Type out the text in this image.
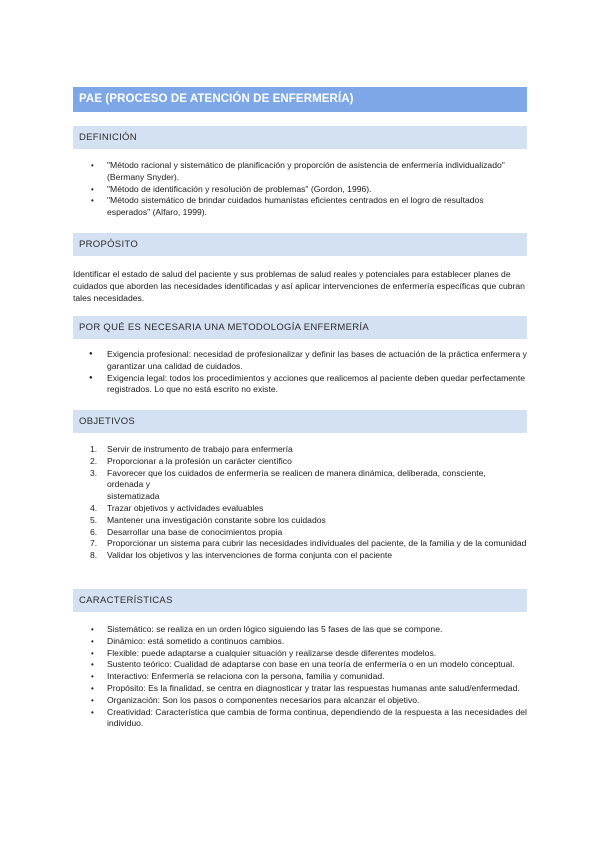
PAE (PROCESO DE ATENCIÓN DE ENFERMERÍA)
DEFINICIÓN
• "Método racional y sistemático de planificación y proporción de asistencia de enfermería individualizado" (Bermany Snyder).
• "Método de identificación y resolución de problemas" (Gordon, 1996).
• "Método sistemático de brindar cuidados humanistas eficientes centrados en el logro de resultados esperados" (Alfaro, 1999).
PROPÓSITO

Identificar el estado de salud del paciente y sus problemas de salud reales y potenciales para establecer planes de cuidados que aborden las necesidades identificadas y así aplicar intervenciones de enfermería específicas que cubran tales necesidades.

POR QUÉ ES NECESARIA UNA METODOLOGÍA ENFERMERÍA
● Exigencia profesional: necesidad de profesionalizar y definir las bases de actuación de la práctica enfermera y garantizar una calidad de cuidados.
● Exigencia legal: todos los procedimientos y acciones que realicemos al paciente deben quedar perfectamente registrados. Lo que no está escrito no existe.
OBJETIVOS
1. Servir de instrumento de trabajo para enfermería
2. Proporcionar a la profesión un carácter científico
3. Favorecer que los cuidados de enfermería se realicen de manera dinámica, deliberada, consciente, ordenada y
sistematizada
4. Trazar objetivos y actividades evaluables
5. Mantener una investigación constante sobre los cuidados
6. Desarrollar una base de conocimientos propia
7. Proporcionar un sistema para cubrir las necesidades individuales del paciente, de la familia y de la comunidad
8. Validar los objetivos y las intervenciones de forma conjunta con el paciente
CARACTERÍSTICAS
• Sistemático: se realiza en un orden lógico siguiendo las 5 fases de las que se compone.
• Dinámico: está sometido a continuos cambios.
• Flexible: puede adaptarse a cualquier situación y realizarse desde diferentes modelos.
• Sustento teórico: Cualidad de adaptarse con base en una teoría de enfermería o en un modelo conceptual.
• Interactivo: Enfermería se relaciona con la persona, familia y comunidad.
• Propósito: Es la finalidad, se centra en diagnosticar y tratar las respuestas humanas ante salud/enfermedad.
• Organización: Son los pasos o componentes necesarios para alcanzar el objetivo.
• Creatividad: Característica que cambia de forma continua, dependiendo de la respuesta a las necesidades del individuo.
